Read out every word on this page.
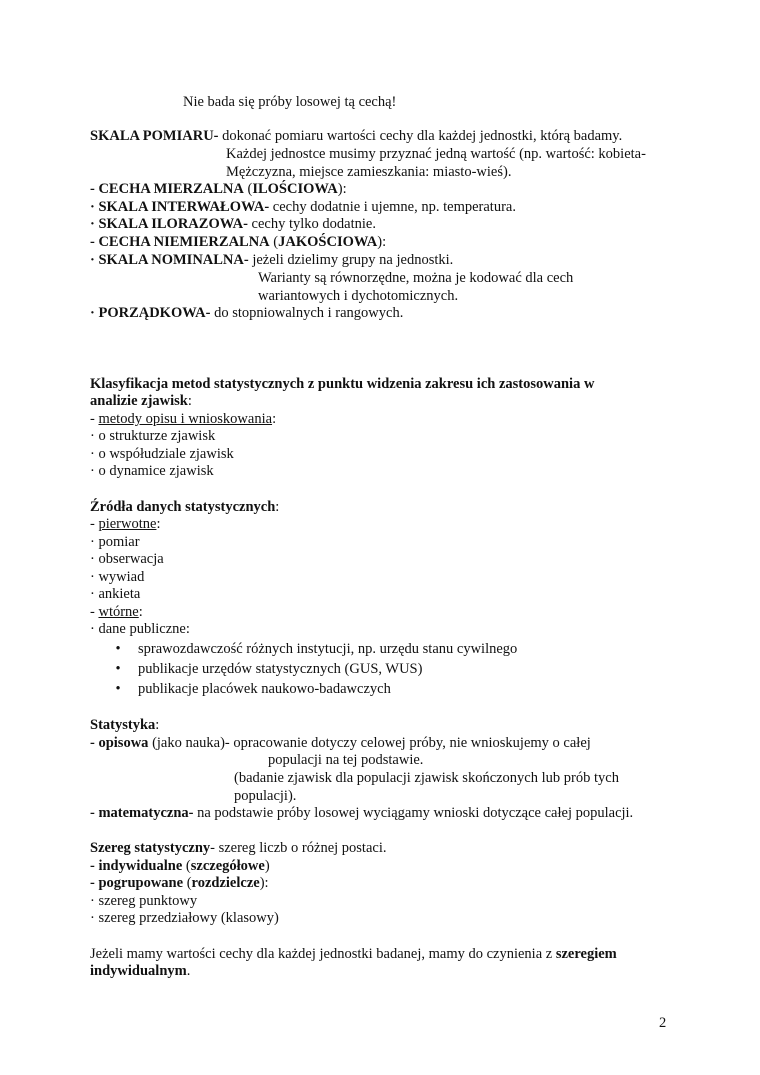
Nie bada się próby losowej tą cechą!
SKALA POMIARU- dokonać pomiaru wartości cechy dla każdej jednostki, którą badamy.
Każdej jednostce musimy przyznać jedną wartość (np. wartość: kobieta-
Mężczyzna, miejsce zamieszkania: miasto-wieś).
- CECHA MIERZALNA (ILOŚCIOWA):
· SKALA INTERWAŁOWA- cechy dodatnie i ujemne, np. temperatura.
· SKALA ILORAZOWA- cechy tylko dodatnie.
- CECHA NIEMIERZALNA (JAKOŚCIOWA):
· SKALA NOMINALNA- jeżeli dzielimy grupy na jednostki.
Warianty są równorzędne, można je kodować dla cech
wariantowych i dychotomicznych.
· PORZĄDKOWA- do stopniowalnych i rangowych.
Klasyfikacja metod statystycznych z punktu widzenia zakresu ich zastosowania w
analizie zjawisk:
- metody opisu i wnioskowania:
· o strukturze zjawisk
· o współudziale zjawisk
· o dynamice zjawisk
Źródła danych statystycznych:
- pierwotne:
· pomiar
· obserwacja
· wywiad
· ankieta
- wtórne:
· dane publiczne:
• sprawozdawczość różnych instytucji, np. urzędu stanu cywilnego
• publikacje urzędów statystycznych (GUS, WUS)
• publikacje placówek naukowo-badawczych
Statystyka:
- opisowa (jako nauka)- opracowanie dotyczy celowej próby, nie wnioskujemy o całej
populacji na tej podstawie.
(badanie zjawisk dla populacji zjawisk skończonych lub prób tych
populacji).
- matematyczna- na podstawie próby losowej wyciągamy wnioski dotyczące całej populacji.
Szereg statystyczny- szereg liczb o różnej postaci.
- indywidualne (szczegółowe)
- pogrupowane (rozdzielcze):
· szereg punktowy
· szereg przedziałowy (klasowy)
Jeżeli mamy wartości cechy dla każdej jednostki badanej, mamy do czynienia z szeregiem
indywidualnym.
2
